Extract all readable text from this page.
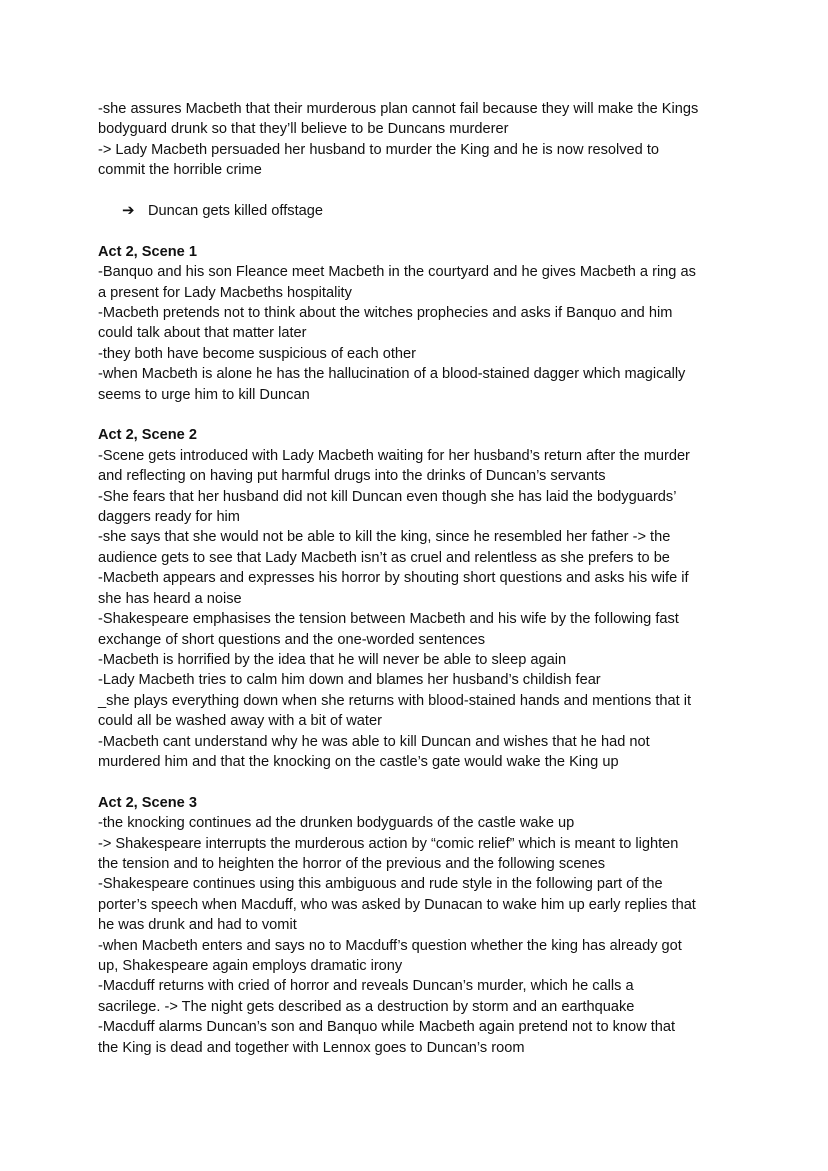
-she assures Macbeth that their murderous plan cannot fail because they will make the Kings
bodyguard drunk so that they’ll believe to be Duncans murderer
-> Lady Macbeth persuaded her husband to murder the King and he is now resolved to
commit the horrible crime
➔ Duncan gets killed offstage
Act 2, Scene 1
-Banquo and his son Fleance meet Macbeth in the courtyard and he gives Macbeth a ring as
a present for Lady Macbeths hospitality
-Macbeth pretends not to think about the witches prophecies and asks if Banquo and him
could talk about that matter later
-they both have become suspicious of each other
-when Macbeth is alone he has the hallucination of a blood-stained dagger which magically
seems to urge him to kill Duncan
Act 2, Scene 2
-Scene gets introduced with Lady Macbeth waiting for her husband’s return after the murder
and reflecting on having put harmful drugs into the drinks of Duncan’s servants
-She fears that her husband did not kill Duncan even though she has laid the bodyguards’
daggers ready for him
-she says that she would not be able to kill the king, since he resembled her father -> the
audience gets to see that Lady Macbeth isn’t as cruel and relentless as she prefers to be
-Macbeth appears and expresses his horror by shouting short questions and asks his wife if
she has heard a noise
-Shakespeare emphasises the tension between Macbeth and his wife by the following fast
exchange of short questions and the one-worded sentences
-Macbeth is horrified by the idea that he will never be able to sleep again
-Lady Macbeth tries to calm him down and blames her husband’s childish fear
_she plays everything down when she returns with blood-stained hands and mentions that it
could all be washed away with a bit of water
-Macbeth cant understand why he was able to kill Duncan and wishes that he had not
murdered him and that the knocking on the castle’s gate would wake the King up
Act 2, Scene 3
-the knocking continues ad the drunken bodyguards of the castle wake up
-> Shakespeare interrupts the murderous action by “comic relief” which is meant to lighten
the tension and to heighten the horror of the previous and the following scenes
-Shakespeare continues using this ambiguous and rude style in the following part of the
porter’s speech when Macduff, who was asked by Dunacan to wake him up early replies that
he was drunk and had to vomit
-when Macbeth enters and says no to Macduff’s question whether the king has already got
up, Shakespeare again employs dramatic irony
-Macduff returns with cried of horror and reveals Duncan’s murder, which he calls a
sacrilege. -> The night gets described as a destruction by storm and an earthquake
-Macduff alarms Duncan’s son and Banquo while Macbeth again pretend not to know that
the King is dead and together with Lennox goes to Duncan’s room
